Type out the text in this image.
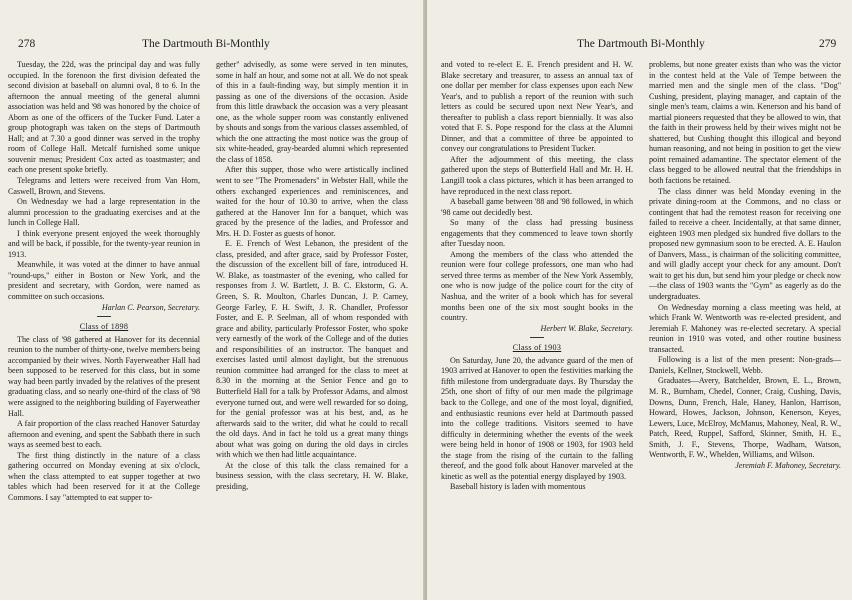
278	The Dartmouth Bi-Monthly

Tuesday, the 22d, was the principal day and was fully occupied. In the forenoon the first division defeated the second division at baseball on alumni oval, 8 to 6. In the afternoon the annual meeting of the general alumni association was held and '98 was honored by the choice of Aborn as one of the officers of the Tucker Fund. Later a group photograph was taken on the steps of Dartmouth Hall; and at 7.30 a good dinner was served in the trophy room of College Hall. Metcalf furnished some unique souvenir menus; President Cox acted as toastmaster; and each one present spoke briefly.

Telegrams and letters were received from Van Horn, Caswell, Brown, and Stevens.

On Wednesday we had a large representation in the alumni procession to the graduating exercises and at the lunch in College Hall.

I think everyone present enjoyed the week thoroughly and will be back, if possible, for the twenty-year reunion in 1913.

Meanwhile, it was voted at the dinner to have annual "round-ups," either in Boston or New York, and the president and secretary, with Gordon, were named as committee on such occasions.

Harlan C. Pearson, Secretary.

Class of 1898

The class of '98 gathered at Hanover for its decennial reunion to the number of thirty-one, twelve members being accompanied by their wives. North Fayerweather Hall had been supposed to be reserved for this class, but in some way had been partly invaded by the relatives of the present graduating class, and so nearly one-third of the class of '98 were assigned to the neighboring building of Fayerweather Hall.

A fair proportion of the class reached Hanover Saturday afternoon and evening, and spent the Sabbath there in such ways as seemed best to each.

The first thing distinctly in the nature of a class gathering occurred on Monday evening at six o'clock, when the class attempted to eat supper together at two tables which had been reserved for it at the College Commons. I say "attempted to eat supper to-

gether" advisedly, as some were served in ten minutes, some in half an hour, and some not at all. We do not speak of this in a fault-finding way, but simply mention it in passing as one of the diversions of the occasion. Aside from this little drawback the occasion was a very pleasant one, as the whole supper room was constantly enlivened by shouts and songs from the various classes assembled, of which the one attracting the most notice was the group of six white-headed, gray-bearded alumni which represented the class of 1858.

After this supper, those who were artistically inclined went to see "The Promenaders" in Webster Hall, while the others exchanged experiences and reminiscences, and waited for the hour of 10.30 to arrive, when the class gathered at the Hanover Inn for a banquet, which was graced by the presence of the ladies, and Professor and Mrs. H. D. Foster as guests of honor.

E. E. French of West Lebanon, the president of the class, presided, and after grace, said by Professor Foster, the discussion of the excellent bill of fare, introduced H. W. Blake, as toastmaster of the evening, who called for responses from J. W. Bartlett, J. B. C. Ekstorm, G. A. Green, S. R. Moulton, Charles Duncan, J. P. Carney, George Farley, F. H. Swift, J. R. Chandler, Professor Foster, and E. P. Seelman, all of whom responded with grace and ability, particularly Professor Foster, who spoke very earnestly of the work of the College and of the duties and responsibilities of an instructor. The banquet and exercises lasted until almost daylight, but the strenuous reunion committee had arranged for the class to meet at 8.30 in the morning at the Senior Fence and go to Butterfield Hall for a talk by Professor Adams, and almost everyone turned out, and were well rewarded for so doing, for the genial professor was at his best, and, as he afterwards said to the writer, did what he could to recall the old days. And in fact he told us a great many things about what was going on during the old days in circles with which we then had little acquaintance.

At the close of this talk the class remained for a business session, with the class secretary, H. W. Blake, presiding,

The Dartmouth Bi-Monthly	279

and voted to re-elect E. E. French president and H. W. Blake secretary and treasurer, to assess an annual tax of one dollar per member for class expenses upon each New Year's, and to publish a report of the reunion with such letters as could be secured upon next New Year's, and thereafter to publish a class report biennially. It was also voted that F. S. Pope respond for the class at the Alumni Dinner, and that a committee of three be appointed to convey our congratulations to President Tucker.

After the adjournment of this meeting, the class gathered upon the steps of Butterfield Hall and Mr. H. H. Langill took a class pictures, which it has been arranged to have reproduced in the next class report.

A baseball game between '88 and '98 followed, in which '98 came out decidedly best.

So many of the class had pressing business engagements that they commenced to leave town shortly after Tuesday noon.

Among the members of the class who attended the reunion were four college professors, one man who had served three terms as member of the New York Assembly, one who is now judge of the police court for the city of Nashua, and the writer of a book which has for several months been one of the six most sought books in the country.

Herbert W. Blake, Secretary.

Class of 1903

On Saturday, June 20, the advance guard of the men of 1903 arrived at Hanover to open the festivities marking the fifth milestone from undergraduate days. By Thursday the 25th, one short of fifty of our men made the pilgrimage back to the College, and one of the most loyal, dignified, and enthusiastic reunions ever held at Dartmouth passed into the college traditions. Visitors seemed to have difficulty in determining whether the events of the week were being held in honor of 1908 or 1903, for 1903 held the stage from the rising of the curtain to the falling thereof, and the good folk about Hanover marveled at the kinetic as well as the potential energy displayed by 1903.

Baseball history is laden with momentous

problems, but none greater exists than who was the victor in the contest held at the Vale of Tempe between the married men and the single men of the class. "Dog" Cushing, president, playing manager, and captain of the single men's team, claims a win. Kenerson and his band of martial pioneers requested that they be allowed to win, that the faith in their prowess held by their wives might not be shattered, but Cushing thought this illogical and beyond human reasoning, and not being in position to get the view point remained adamantine. The spectator element of the class begged to be allowed neutral that the friendships in both factions be retained.

The class dinner was held Monday evening in the private dining-room at the Commons, and no class or contingent that had the remotest reason for receiving one failed to receive a cheer. Incidentally, at that same dinner, eighteen 1903 men pledged six hundred five dollars to the proposed new gymnasium soon to be erected. A. E. Haulon of Danvers, Mass., is chairman of the soliciting committee, and will gladly accept your check for any amount. Don't wait to get his dun, but send him your pledge or check now—the class of 1903 wants the "Gym" as eagerly as do the undergraduates.

On Wednesday morning a class meeting was held, at which Frank W. Wentworth was re-elected president, and Jeremiah F. Mahoney was re-elected secretary. A special reunion in 1910 was voted, and other routine business transacted.

Following is a list of the men present: Non-grads—Daniels, Kellner, Stockwell, Webb.

Graduates—Avery, Batchelder, Brown, E. L., Brown, M. R., Burnham, Chedel, Conner, Craig, Cushing, Davis, Downs, Dunn, French, Hale, Haney, Hanlon, Harrison, Howard, Howes, Jackson, Johnson, Kenerson, Keyes, Lewers, Luce, McElroy, McManus, Mahoney, Neal, R. W., Patch, Reed, Ruppel, Safford, Skinner, Smith, H. E., Smith, J. F., Stevens, Thorpe, Wadham, Watson, Wentworth, F. W., Whelden, Williams, and Wilson.

Jeremiah F. Mahoney, Secretary.
